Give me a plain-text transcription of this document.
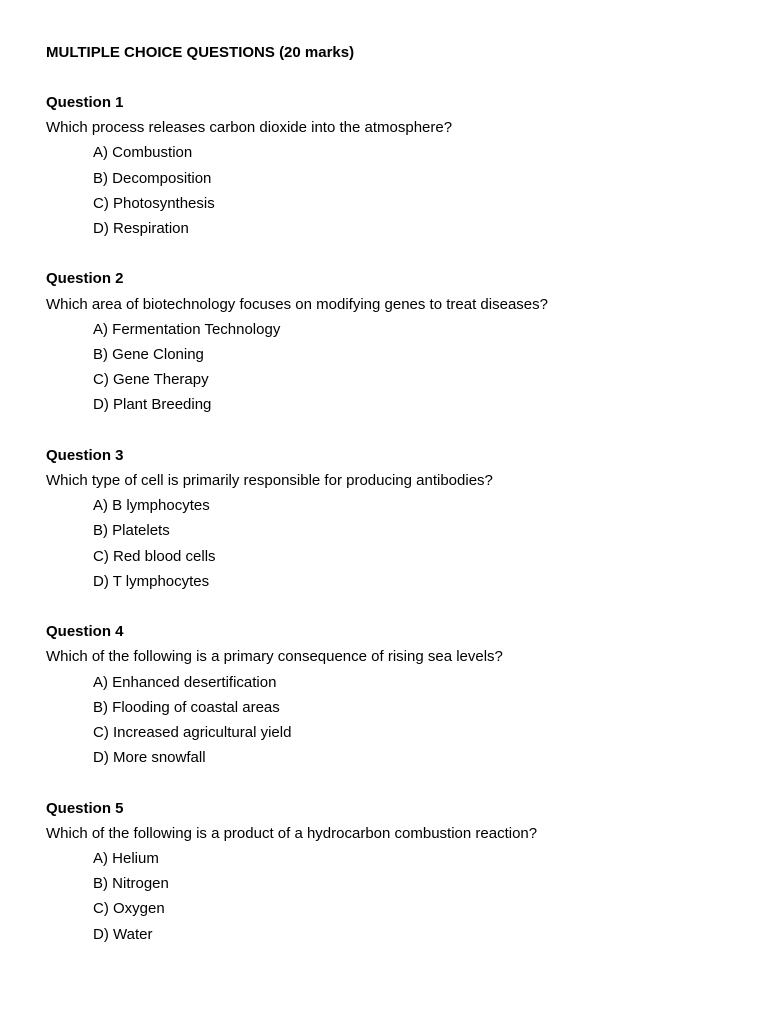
MULTIPLE CHOICE QUESTIONS (20 marks)
Question 1
Which process releases carbon dioxide into the atmosphere?
A) Combustion
B) Decomposition
C) Photosynthesis
D) Respiration
Question 2
Which area of biotechnology focuses on modifying genes to treat diseases?
A) Fermentation Technology
B) Gene Cloning
C) Gene Therapy
D) Plant Breeding
Question 3
Which type of cell is primarily responsible for producing antibodies?
A) B lymphocytes
B) Platelets
C) Red blood cells
D) T lymphocytes
Question 4
Which of the following is a primary consequence of rising sea levels?
A) Enhanced desertification
B) Flooding of coastal areas
C) Increased agricultural yield
D) More snowfall
Question 5
Which of the following is a product of a hydrocarbon combustion reaction?
A) Helium
B) Nitrogen
C) Oxygen
D) Water
